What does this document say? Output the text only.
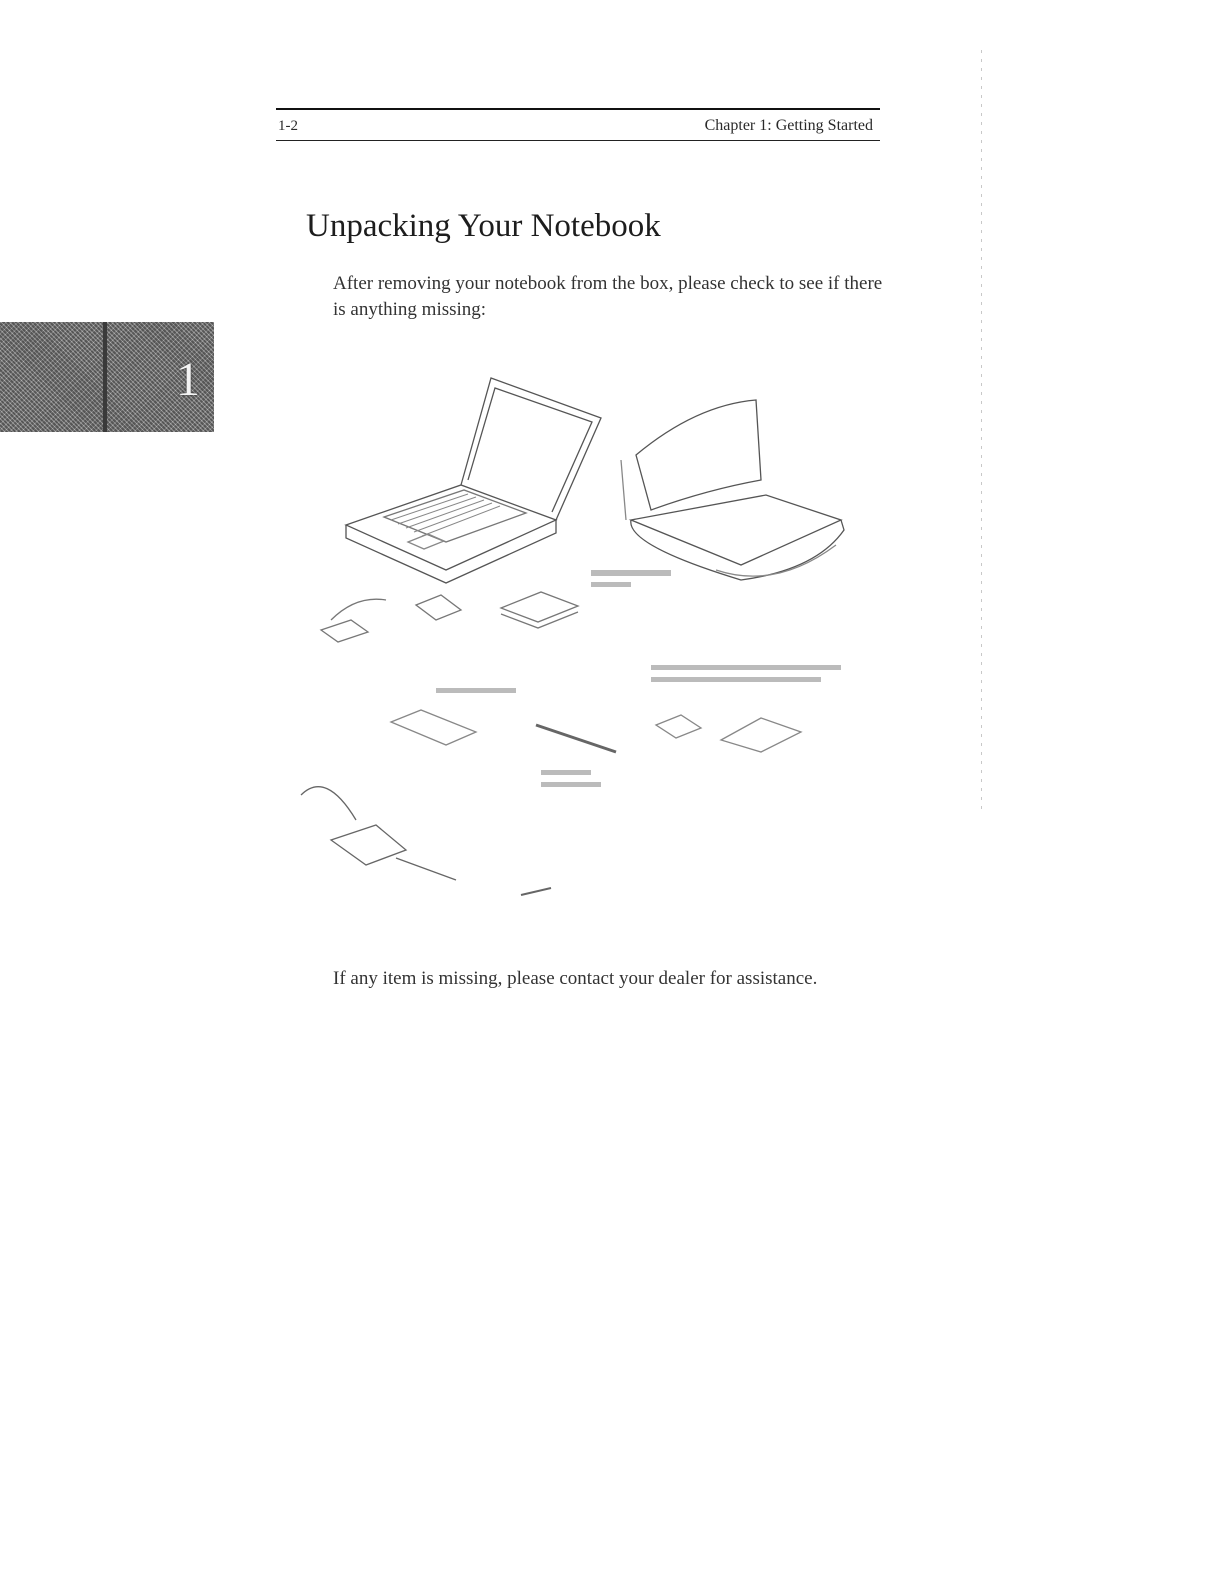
1-2	Chapter 1: Getting Started
1
Unpacking Your Notebook
After removing your notebook from the box, please check to see if there is anything missing:
If any item is missing, please contact your dealer for assistance.
